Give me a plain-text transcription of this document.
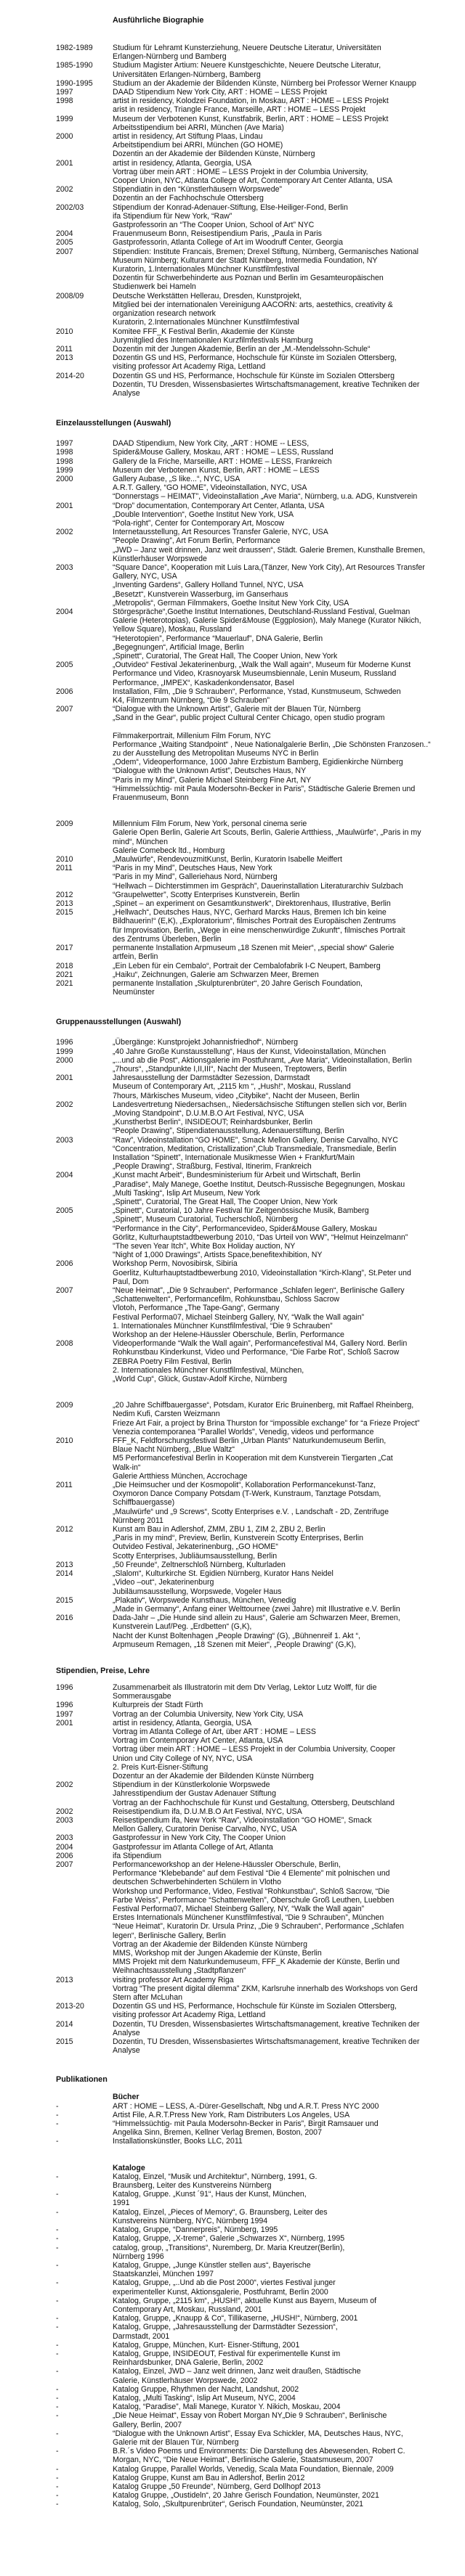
Ausführliche Biographie
1982-1989	Studium für Lehramt Kunsterziehung, Neuere Deutsche Literatur, Universitäten
Erlangen-Nürnberg und Bamberg
1985-1990	Studium Magister Artium: Neuere Kunstgeschichte, Neuere Deutsche Literatur,
Universitäten Erlangen-Nürnberg, Bamberg
1990-1995	Studium an der Akademie der Bildenden Künste, Nürnberg bei Professor Werner Knaupp
1997	DAAD Stipendium New York City, ART : HOME – LESS Projekt
1998	artist in residency, Kolodzei Foundation, in Moskau, ART : HOME – LESS Projekt
arist in residency, Triangle France, Marseille, ART : HOME – LESS Projekt
1999	Museum der Verbotenen Kunst, Kunstfabrik, Berlin, ART : HOME – LESS Projekt
Arbeitsstipendium bei ARRI, München (Ave Maria)
2000	artist in residency, Art Stiftung Plaas, Lindau
Arbeitstipendium bei ARRI, München (GO HOME)
Dozentin an der Akademie der Bildenden Künste, Nürnberg
2001	artist in residency, Atlanta, Georgia, USA
Vortrag über mein ART : HOME – LESS Projekt in der Columbia University,
Cooper Union, NYC, Atlanta College of Art, Contemporary Art Center Atlanta, USA
2002	Stipendiatin in den “Künstlerhäusern Worpswede”
Dozentin an der Fachhochschule Ottersberg
2002/03	Stipendium der Konrad-Adenauer-Stiftung, Else-Heiliger-Fond, Berlin
ifa Stipendium für New York, “Raw”
Gastprofessorin an “The Cooper Union, School of Art” NYC
2004	Frauenmuseum Bonn, Reisestipendium Paris, „Paula in Paris
2005	Gastprofessorin, Atlanta College of Art im Woodruff Center, Georgia
2007	Stipendien: Institute Francais, Bremen; Drexel Stiftung, Nürnberg, Germanisches National
Museum Nürnberg; Kulturamt der Stadt Nürnberg, Intermedia Foundation, NY
Kuratorin, 1.Internationales Münchner Kunstfilmfestival
Dozentin für Schwerbehinderte aus Poznan und Berlin im Gesamteuropäischen
Studienwerk bei Hameln
2008/09	Deutsche Werkstätten Hellerau, Dresden, Kunstprojekt,
Mitglied bei der internationalen Vereinigung AACORN: arts, aestethics, creativity &
organization research network
Kuratorin, 2.Internationales Münchner Kunstfilmfestival
2010	Komitee FFF_K Festival Berlin, Akademie der Künste
Jurymitglied des Internationalen Kurzfilmfestivals Hamburg
2011	Dozentin mit der Jungen Akademie, Berlin an der „M.-Mendelssohn-Schule“
2013	Dozentin GS und HS, Performance, Hochschule für Künste im Sozialen Ottersberg,
visiting professor Art Academy Riga, Lettland
2014-20	Dozentin GS und HS, Performance, Hochschule für Künste im Sozialen Ottersberg
Dozentin, TU Dresden, Wissensbasiertes Wirtschaftsmanagement, kreative Techniken der
Analyse
Einzelausstellungen (Auswahl)
1997	DAAD Stipendium, New York City, „ART : HOME -- LESS,
1998	Spider&Mouse Gallery, Moskau, ART : HOME – LESS, Russland
1998	Gallery de la Friche, Marseille, ART : HOME – LESS, Frankreich
1999	Museum der Verbotenen Kunst, Berlin, ART : HOME – LESS
2000	Gallery Aubase, „S like...“, NYC, USA
A.R.T. Gallery, “GO HOME”, Videoinstallation, NYC, USA
“Donnerstags – HEIMAT”, Videoinstallation „Ave Maria“, Nürnberg, u.a. ADG, Kunstverein
2001	“Drop” documentation, Contemporary Art Center, Atlanta, USA
„Double Intervention“, Goethe Institut New York, USA
“Pola-right”, Center for Contemporary Art, Moscow
2002	Internetausstellung, Art Resources Transfer Galerie, NYC, USA
“People Drawing”, Art Forum Berlin, Performance
„JWD – Janz weit drinnen, Janz weit draussen“, Städt. Galerie Bremen, Kunsthalle Bremen,
Künstlerhäuser Worpswede
2003	“Square Dance”, Kooperation mit Luis Lara,(Tänzer, New York City), Art Resources Transfer
Gallery, NYC, USA
„Inventing Gardens“, Gallery Holland Tunnel, NYC, USA
„Besetzt“, Kunstverein Wasserburg, im Ganserhaus
„Metropolis“, German Filmmakers, Goethe Insitut New York City, USA
2004	Störgespräche“,Goethe Institut Internationes, Deutschland-Russland Festival, Guelman
Galerie (Heterotopias), Galerie Spider&Mouse (Eggplosion), Maly Manege (Kurator Nikich,
Yellow Square), Moskau, Russland
“Heterotopien”, Performance “Mauerlauf”, DNA Galerie, Berlin
„Begegnungen“, Artificial Image, Berlin
„Spinett“, Curatorial, The Great Hall, The Cooper Union, New York
2005	„Outvideo“ Festival Jekaterinenburg, „Walk the Wall again“, Museum für Moderne Kunst
Performance und Video, Krasnoyarsk Museumsbiennale, Lenin Museum, Russland
Performance, „IMPEX“, Kaskadenkondensator, Basel
2006	Installation, Film, „Die 9 Schrauben“, Performance, Ystad, Kunstmuseum, Schweden
K4, Filmzentrum Nürnberg, “Die 9 Schrauben”
2007	“Dialogue with the Unknown Artist”, Galerie mit der Blauen Tür, Nürnberg
„Sand in the Gear“, public project Cultural Center Chicago, open studio program
Filmmakerportrait, Millenium Film Forum, NYC
Performance „Waiting Standpoint“ , Neue Nationalgalerie Berlin, „Die Schönsten Franzosen..“
zu der Ausstellung des Metropolitan Museums NYC in Berlin
„Odem“, Videoperformance, 1000 Jahre Erzbistum Bamberg, Egidienkirche Nürnberg
“Dialogue with the Unknown Artist”, Deutsches Haus, NY
“Paris in my Mind”, Galerie Michael Steinberg Fine Art, NY
“Himmelssüchtig- mit Paula Modersohn-Becker in Paris”, Städtische Galerie Bremen und
Frauenmuseum, Bonn
2009	Millennium Film Forum, New York, personal cinema serie
Galerie Open Berlin, Galerie Art Scouts, Berlin, Galerie Artthiess, „Maulwürfe“, „Paris in my
mind“, München
Galerie Comebeck ltd., Homburg
2010	„Maulwürfe“, RendevouzmitKunst, Berlin, Kuratorin Isabelle Meiffert
2011	“Paris in my Mind”, Deutsches Haus, New York
“Paris in my Mind”, Galleriehaus Nord, Nürnberg
“Hellwach – Dichterstimmen im Gespräch”, Dauerinstallation Literaturarchiv Sulzbach
2012	“Graupelwetter”, Scotty Enterprises Kunstverein, Berlin
2013	„Spinet – an experiment on Gesamtkunstwerk“, Direktorenhaus, Illustrative, Berlin
2015	„Hellwach“, Deutsches Haus, NYC, Gerhard Marcks Haus, Bremen Ich bin keine
Bildhauerin!“ (E,K), „Exploratorium“, filmisches Portrait des Europäischen Zentrums
für Improvisation, Berlin, „Wege in eine menschenwürdige Zukunft“, filmisches Portrait
des Zentrums Überleben, Berlin
2017	permanente Installation Arpmuseum „18 Szenen mit Meier“, „special show“ Galerie
artfein, Berlin
2018	„Ein Leben für ein Cembalo“, Portrait der Cembalofabrik I-C Neupert, Bamberg
2021	„Haiku“, Zeichnungen, Galerie am Schwarzen Meer, Bremen
2021	permanente Installation „Skulpturenbrüter“, 20 Jahre Gerisch Foundation,
Neumünster
Gruppenausstellungen (Auswahl)
1996	„Übergänge: Kunstprojekt Johannisfriedhof“, Nürnberg
1999	„40 Jahre Große Kunstausstellung“, Haus der Kunst, Videoinstallation, München
2000	„...und ab die Post“, Aktionsgalerie im Postfuhramt, „Ave Maria“, Videoinstallation, Berlin
„7hours“, „Standpunkte I,II,III“, Nacht der Museen, Treptowers, Berlin
2001	Jahresausstellung der Darmstädter Sezession, Darmstadt
Museum of Contemporary Art, „2115 km “, „Hush!“, Moskau, Russland
7hours, Märkisches Museum, video „Citybike“, Nacht der Museen, Berlin
2002	Landesvertretung Niedersachsen,, Niedersächsische Stiftungen stellen sich vor, Berlin
„Moving Standpoint“, D.U.M.B.O Art Festival, NYC, USA
„Kunstherbst Berlin“, INSIDEOUT; Reinhardsbunker, Berlin
“People Drawing”, Stipendiatenausstellung, Adenauerstiftung, Berlin
2003	“Raw”, Videoinstallation “GO HOME”, Smack Mellon Gallery, Denise Carvalho, NYC
“Concentration, Meditation, Cristallization”,Club Transmediale, Transmediale, Berlin
Installation “Spinett”, Internationale Musikmesse Wien + Frankfurt/Main
„People Drawing“, Straßburg, Festival, Itinerim, Frankreich
2004	„Kunst macht Arbeit“, Bundesministerium für Arbeit und Wirtschaft, Berlin
„Paradise“, Maly Manege, Goethe Institut, Deutsch-Russische Begegnungen, Moskau
„Multi Tasking“, Islip Art Museum, New York
„Spinett“, Curatorial, The Great Hall, The Cooper Union, New York
2005	„Spinett“, Curatorial, 10 Jahre Festival für Zeitgenössische Musik, Bamberg
„Spinett“, Museum Curatorial, Tucherschloß, Nürnberg
“Performance in the City”, Performancevideo, Spider&Mouse Gallery, Moskau
Görlitz, Kulturhauptstadtbewerbung 2010, “Das Urteil von WW”, “Helmut Heinzelmann”
"The seven Year Itch", White Box Holiday auction, NY
"Night of 1,000 Drawings", Artists Space,benefitexhibition, NY
2006	Workshop Perm, Novosibirsk, Sibiria
Goerlitz, Kulturhauptstadtbewerbung 2010, Videoinstallation “Kirch-Klang”, St.Peter und
Paul, Dom
2007	“Neue Heimat”, „Die 9 Schrauben“, Performance „Schlafen legen“, Berlinische Gallery
„Schattenwelten“, Performancefilm, Rohkunstbau, Schloss Sacrow
Vlotoh, Performance „The Tape-Gang“, Germany
Festival Performa07, Michael Steinberg Gallery, NY, “Walk the Wall again”
1. Internationales Münchner Kunstfilmfestival, “Die 9 Schrauben”
Workshop an der Helene-Häussler Oberschule, Berlin, Performance
2008	Videoperformande “Walk the Wall again”, Performancefestival M4, Gallery Nord. Berlin
Rohkunstbau Kinderkunst, Video und Performance, “Die Farbe Rot”, Schloß Sacrow
ZEBRA Poetry Film Festival, Berlin
2. Internationales Münchner Kunstfilmfestival, München,
„World Cup“, Glück, Gustav-Adolf Kirche, Nürnberg
2009	„20 Jahre Schiffbauergasse“, Potsdam, Kurator Eric Bruinenberg, mit Raffael Rheinberg,
Nedim Kufi, Carsten Weizmann
Frieze Art Fair, a project by Brina Thurston for “impossible exchange” for “a Frieze Project”
Venezia contemporanea "Parallel Worlds", Venedig, videos und performance
2010	FFF_K, Feldforschungsfestival Berlin „Urban Plants“ Naturkundemuseum Berlin,
Blaue Nacht Nürnberg, „Blue Waltz“
M5 Performancefestival Berlin in Kooperation mit dem Kunstverein Tiergarten „Cat
Walk-in“
Galerie Artthiess München, Accrochage
2011	„Die Heimsucher und der Kosmopolit“, Kollaboration Performancekunst-Tanz,
Oxymoron Dance Company Potsdam (T-Werk, Kunstraum, Tanztage Potsdam,
Schiffbauergasse)
„Maulwürfe“ und „9 Screws“, Scotty Enterprises e.V. , Landschaft - 2D, Zentrifuge
Nürnberg 2011
2012	Kunst am Bau in Adlershof, ZMM, ZBU 1, ZIM 2, ZBU 2, Berlin
„Paris in my mind“, Preview, Berlin, Kunstverein Scotty Enterprises, Berlin
Outvideo Festival, Jekaterinenburg, „GO HOME“
Scotty Enterprises, Jubliäumsausstellung, Berlin
2013	„50 Freunde“, Zeltnerschloß Nürnberg, Kulturladen
2014	„Slalom“, Kulturkirche St. Egidien Nürnberg, Kurator Hans Neidel
„Video –out“, Jekaterinenburg
Jubiläumsausstellung, Worpswede, Vogeler Haus
2015	„Plakativ“, Worpswede Kunsthaus, München, Venedig
„Made in Germany“, Anfang einer Welttournee (zwei Jahre) mit Illustrative e.V. Berlin
2016	Dada-Jahr – „Die Hunde sind allein zu Haus“, Galerie am Schwarzen Meer, Bremen,
Kunstverein Lauf/Peg. „Erdbetten“ (G,K),
Nacht der Kunst Boltenhagen „People Drawing“ (G), „Bühnenreif 1. Akt “,
Arpmuseum Remagen, „18 Szenen mit Meier“, „People Drawing“ (G,K),
Stipendien, Preise, Lehre
1996	Zusammenarbeit als Illustratorin mit dem Dtv Verlag, Lektor Lutz Wolff, für die
Sommerausgabe
1996	Kulturpreis der Stadt Fürth
1997	Vortrag an der Columbia University, New York City, USA
2001	artist in residency, Atlanta, Georgia, USA
Vortrag im Atlanta College of Art, über ART : HOME – LESS
Vortrag im Contemporary Art Center, Atlanta, USA
Vortrag über mein ART : HOME – LESS Projekt in der Columbia University, Cooper
Union und City College of NY, NYC, USA
2. Preis Kurt-Eisner-Stiftung
Dozentur an der Akademie der Bildenden Künste Nürnberg
2002	Stipendium in der Künstlerkolonie Worpswede
Jahresstipendium der Gustav Adenauer Stiftung
Vortrag an der Fachhochschule für Kunst und Gestaltung, Ottersberg, Deutschland
2002	Reisestipendium ifa, D.U.M.B.O Art Festival, NYC, USA
2003	Reisestipendium ifa, New York “Raw”, Videoinstallation “GO HOME”, Smack
Mellon Gallery, Curatorin Denise Carvalho, NYC, USA
2003	Gastprofessur in New York City, The Cooper Union
2004	Gastprofessur im Atlanta College of Art, Atlanta
2006	ifa Stipendium
2007	Performanceworkshop an der Helene-Häussler Oberschule, Berlin,
Performance “Klebebande” auf dem Festival “Die 4 Elemente” mit polnischen und
deutschen Schwerbehinderten Schülern in Vlotho
Workshop und Performance, Video, Festival “Rohkunstbau”, Schloß Sacrow, “Die
Farbe Weiss”, Performance “Schattenwelten”, Oberschule Groß Leuthen, Luebben
Festival Performa07, Michael Steinberg Gallery, NY, “Walk the Wall again”
Erstes Internationals Münchener Kunstfilmfestival, “Die 9 Schrauben”, München
“Neue Heimat”, Kuratorin Dr. Ursula Prinz, „Die 9 Schrauben“, Performance „Schlafen
legen“, Berlinische Gallery, Berlin
Vortrag an der Akademie der Bildenden Künste Nürnberg
MMS, Workshop mit der Jungen Akademie der Künste, Berlin
MMS Projekt mit dem Naturkundemuseum, FFF_K Akademie der Künste, Berlin und
Weihnachtsausstellung „Stadtpflanzen“
2013	visiting professor Art Academy Riga
Vortrag “The present digital dilemma” ZKM, Karlsruhe innerhalb des Workshops von Gerd
Stern after McLuhan
2013-20	Dozentin GS und HS, Performance, Hochschule für Künste im Sozialen Ottersberg,
visiting professor Art Academy Riga, Lettland
2014	Dozentin, TU Dresden, Wissensbasiertes Wirtschaftsmanagement, kreative Techniken der
Analyse
2015	Dozentin, TU Dresden, Wissensbasiertes Wirtschaftsmanagement, kreative Techniken der
Analyse
Publikationen
Bücher
-	ART : HOME – LESS, A.-Dürer-Gesellschaft, Nbg und A.R.T. Press NYC 2000
-	Artist File, A.R.T.Press New York, Ram Distributers Los Angeles, USA
-	“Himmelssüchtig- mit Paula Modersohn-Becker in Paris”, Birgit Ramsauer und
Angelika Sinn, Bremen, Kellner Verlag Bremen, Boston, 2007
-	Installationskünstler, Books LLC, 2011
Kataloge
-	Katalog, Einzel, “Musik und Architektur”, Nürnberg, 1991, G.
Braunsberg, Leiter des Kunstvereins Nürnberg
-	Katalog, Gruppe. „Kunst ´91“, Haus der Kunst, München,
1991
-	Katalog, Einzel, „Pieces of Memory“, G. Braunsberg, Leiter des
Kunstvereins Nürnberg, NYC, Nürnberg 1994
-	Katalog, Gruppe, “Dannerpreis”, Nürnberg, 1995
-	Katalog, Gruppe, „X-treme“, Galerie „Schwarzes X“, Nürnberg, 1995
-	catalog, group, „Transitions“, Nuremberg, Dr. Maria Kreutzer(Berlin),
Nürnberg 1996
-	Katalog, Gruppe, „Junge Künstler stellen aus“, Bayerische
Staatskanzlei, München 1997
-	Katalog, Gruppe, „..Und ab die Post 2000“, viertes Festival junger
experimenteller Kunst, Aktionsgalerie, Postfuhramt, Berlin 2000
-	Katalog, Gruppe, „2115 km“, „HUSH!“, aktuelle Kunst aus Bayern, Museum of
Contemporary Art, Moskau, Russland, 2001
-	Katalog, Gruppe, „Knaupp & Co“, Tillikaserne, „HUSH!“, Nürnberg, 2001
-	Katalog, Gruppe, „Jahresausstellung der Darmstädter Sezession“,
Darmstadt, 2001
-	Katalog, Gruppe, München, Kurt- Eisner-Stiftung, 2001
-	Katalog, Gruppe, INSIDEOUT, Festival für experimentelle Kunst im
Reinhardsbunker, DNA Galerie, Berlin, 2002
-	Katalog, Einzel, JWD – Janz weit drinnen, Janz weit draußen, Städtische
Galerie, Künstlerhäuser Worpswede, 2002
-	Katalog Gruppe, Rhythmen der Nacht, Landshut, 2002
-	Katalog, „Multi Tasking“, Islip Art Museum, NYC, 2004
-	Katalog, “Paradise”, Mali Manege, Kurator Y. Nikich, Moskau, 2004
-	„Die Neue Heimat“, Essay von Robert Morgan NY„Die 9 Schrauben“, Berlinische
Gallery, Berlin, 2007
-	“Dialogue with the Unknown Artist”, Essay Eva Schickler, MA, Deutsches Haus, NYC,
Galerie mit der Blauen Tür, Nürnberg
-	B.R.´s Video Poems und Environments: Die Darstellung des Abewesenden, Robert C.
Morgan, NYC, “Die Neue Heimat”, Berlinische Galerie, Staatsmuseum, 2007
-	Katalog Gruppe, Parallel Worlds, Venedig, Scala Mata Foundation, Biennale, 2009
-	Katalog Gruppe, Kunst am Bau in Adlershof, Berlin 2012
-	Katalog Gruppe „50 Freunde“, Nürnberg, Gerd Dollhopf 2013
-	Katalog Gruppe, „Oustideln“, 20 Jahre Gerisch Foundation, Neumünster, 2021
-	Katalog, Solo, „Skultpurenbrüter“, Gerisch Foundation, Neumünster, 2021
